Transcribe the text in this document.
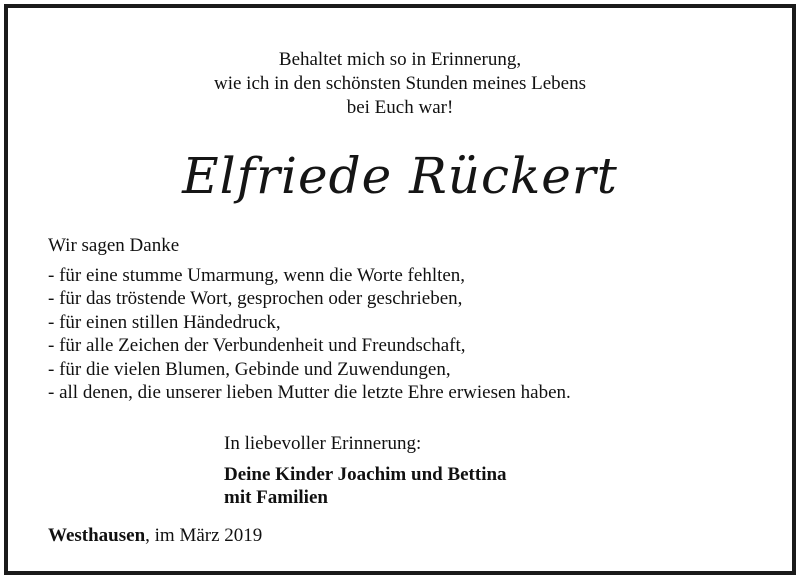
Behaltet mich so in Erinnerung,
wie ich in den schönsten Stunden meines Lebens
bei Euch war!
Elfriede Rückert
Wir sagen Danke
- für eine stumme Umarmung, wenn die Worte fehlten,
- für das tröstende Wort, gesprochen oder geschrieben,
- für einen stillen Händedruck,
- für alle Zeichen der Verbundenheit und Freundschaft,
- für die vielen Blumen, Gebinde und Zuwendungen,
- all denen, die unserer lieben Mutter die letzte Ehre erwiesen haben.
In liebevoller Erinnerung:
Deine Kinder Joachim und Bettina
mit Familien
Westhausen, im März 2019
